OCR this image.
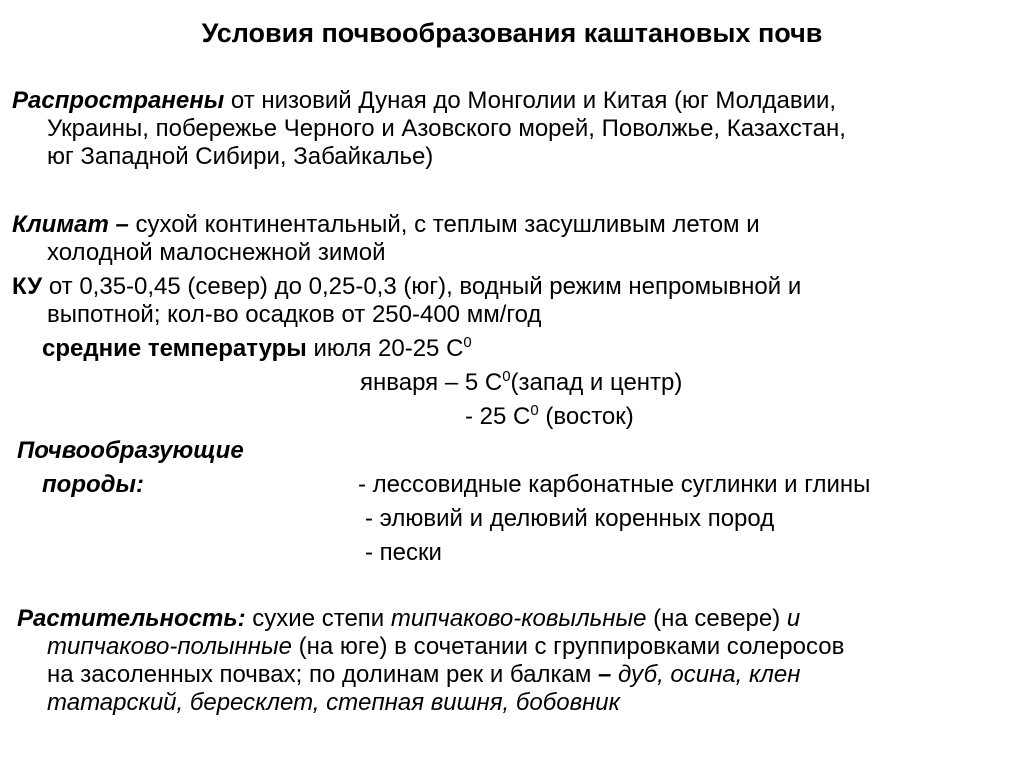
Условия почвообразования каштановых почв
Распространены от низовий Дуная до Монголии и Китая (юг Молдавии,
Украины, побережье Черного и Азовского морей, Поволжье, Казахстан,
юг Западной Сибири, Забайкалье)
Климат – сухой континентальный, с теплым засушливым летом и
холодной малоснежной зимой
КУ от 0,35-0,45 (север) до 0,25-0,3 (юг), водный режим непромывной и
выпотной; кол-во осадков от 250-400 мм/год
средние температуры июля 20-25 $С^0$
января – 5 $С^0(запад$ и центр)
- 25 $С^0$ (восток)
Почвообразующие
породы:	- лессовидные карбонатные суглинки и глины
- элювий и делювий коренных пород
- пески
Растительность: сухие степи типчаково-ковыльные (на севере) и
типчаково-полынные (на юге) в сочетании с группировками солеросов
на засоленных почвах; по долинам рек и балкам – дуб, осина, клен
татарский, бересклет, степная вишня, бобовник
